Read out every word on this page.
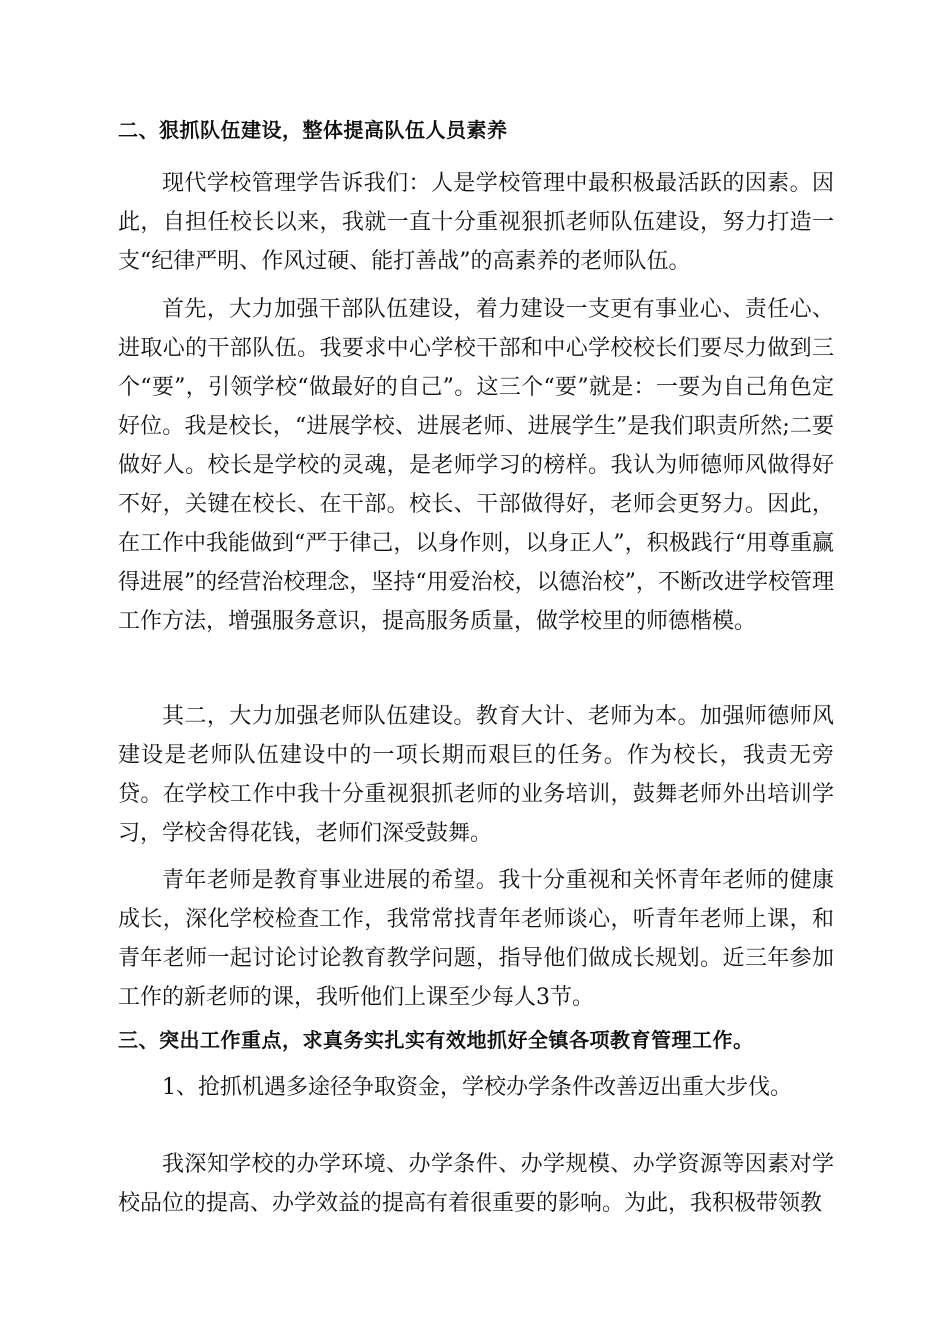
二、狠抓队伍建设，整体提高队伍人员素养

现代学校管理学告诉我们：人是学校管理中最积极最活跃的因素。因此，自担任校长以来，我就一直十分重视狠抓老师队伍建设，努力打造一支“纪律严明、作风过硬、能打善战”的高素养的老师队伍。

首先，大力加强干部队伍建设，着力建设一支更有事业心、责任心、进取心的干部队伍。我要求中心学校干部和中心学校校长们要尽力做到三个“要”，引领学校“做最好的自己”。这三个“要”就是：一要为自己角色定好位。我是校长，“进展学校、进展老师、进展学生”是我们职责所然;二要做好人。校长是学校的灵魂，是老师学习的榜样。我认为师德师风做得好不好，关键在校长、在干部。校长、干部做得好，老师会更努力。因此，在工作中我能做到“严于律己，以身作则，以身正人”，积极践行“用尊重赢得进展”的经营治校理念，坚持“用爱治校，以德治校”，不断改进学校管理工作方法，增强服务意识，提高服务质量，做学校里的师德楷模。

其二，大力加强老师队伍建设。教育大计、老师为本。加强师德师风建设是老师队伍建设中的一项长期而艰巨的任务。作为校长，我责无旁贷。在学校工作中我十分重视狠抓老师的业务培训，鼓舞老师外出培训学习，学校舍得花钱，老师们深受鼓舞。

青年老师是教育事业进展的希望。我十分重视和关怀青年老师的健康成长，深化学校检查工作，我常常找青年老师谈心，听青年老师上课，和青年老师一起讨论讨论教育教学问题，指导他们做成长规划。近三年参加工作的新老师的课，我听他们上课至少每人3节。

三、突出工作重点，求真务实扎实有效地抓好全镇各项教育管理工作。

1、抢抓机遇多途径争取资金，学校办学条件改善迈出重大步伐。

我深知学校的办学环境、办学条件、办学规模、办学资源等因素对学校品位的提高、办学效益的提高有着很重要的影响。为此，我积极带领教
